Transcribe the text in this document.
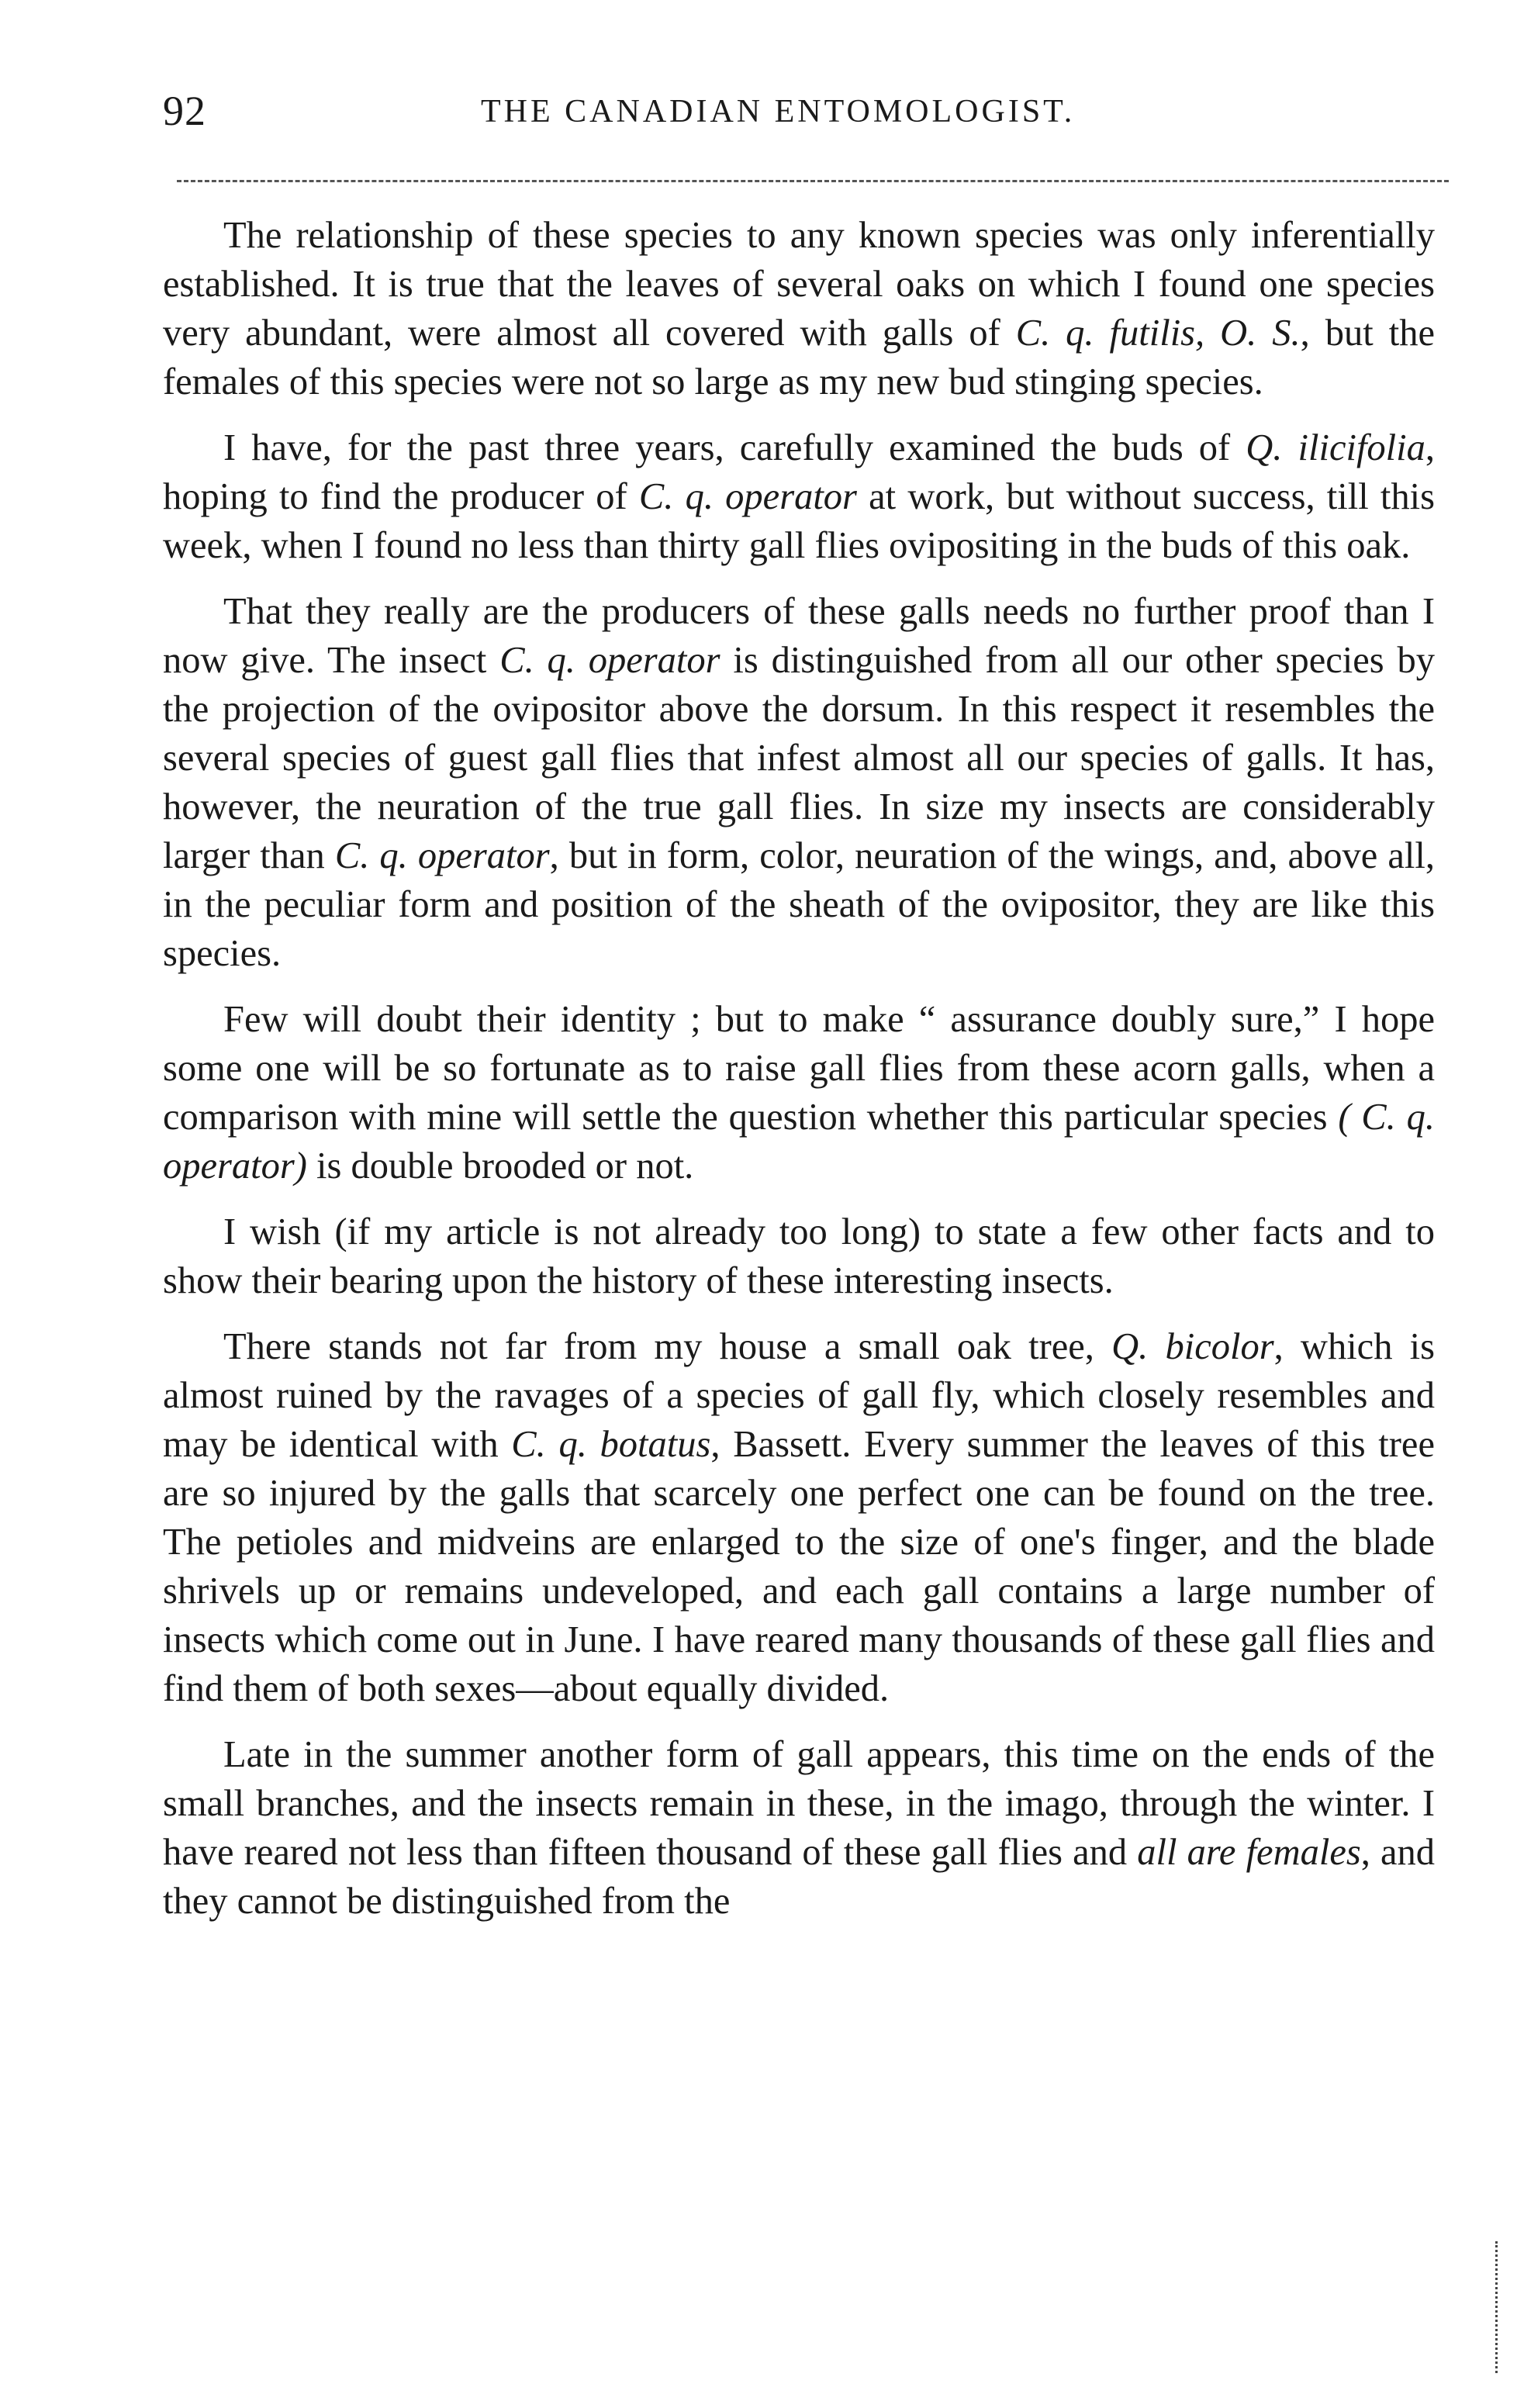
92	THE CANADIAN ENTOMOLOGIST.

The relationship of these species to any known species was only inferentially established. It is true that the leaves of several oaks on which I found one species very abundant, were almost all covered with galls of C. q. futilis, O. S., but the females of this species were not so large as my new bud stinging species.

I have, for the past three years, carefully examined the buds of Q. ilicifolia, hoping to find the producer of C. q. operator at work, but without success, till this week, when I found no less than thirty gall flies ovipositing in the buds of this oak.

That they really are the producers of these galls needs no further proof than I now give. The insect C. q. operator is distinguished from all our other species by the projection of the ovipositor above the dorsum. In this respect it resembles the several species of guest gall flies that infest almost all our species of galls. It has, however, the neuration of the true gall flies. In size my insects are considerably larger than C. q. operator, but in form, color, neuration of the wings, and, above all, in the peculiar form and position of the sheath of the ovipositor, they are like this species.

Few will doubt their identity ; but to make “ assurance doubly sure,” I hope some one will be so fortunate as to raise gall flies from these acorn galls, when a comparison with mine will settle the question whether this particular species ( C. q. operator) is double brooded or not.

I wish (if my article is not already too long) to state a few other facts and to show their bearing upon the history of these interesting insects.

There stands not far from my house a small oak tree, Q. bicolor, which is almost ruined by the ravages of a species of gall fly, which closely resembles and may be identical with C. q. botatus, Bassett. Every summer the leaves of this tree are so injured by the galls that scarcely one perfect one can be found on the tree. The petioles and midveins are enlarged to the size of one's finger, and the blade shrivels up or remains undeveloped, and each gall contains a large number of insects which come out in June. I have reared many thousands of these gall flies and find them of both sexes—about equally divided.

Late in the summer another form of gall appears, this time on the ends of the small branches, and the insects remain in these, in the imago, through the winter. I have reared not less than fifteen thousand of these gall flies and all are females, and they cannot be distinguished from the
